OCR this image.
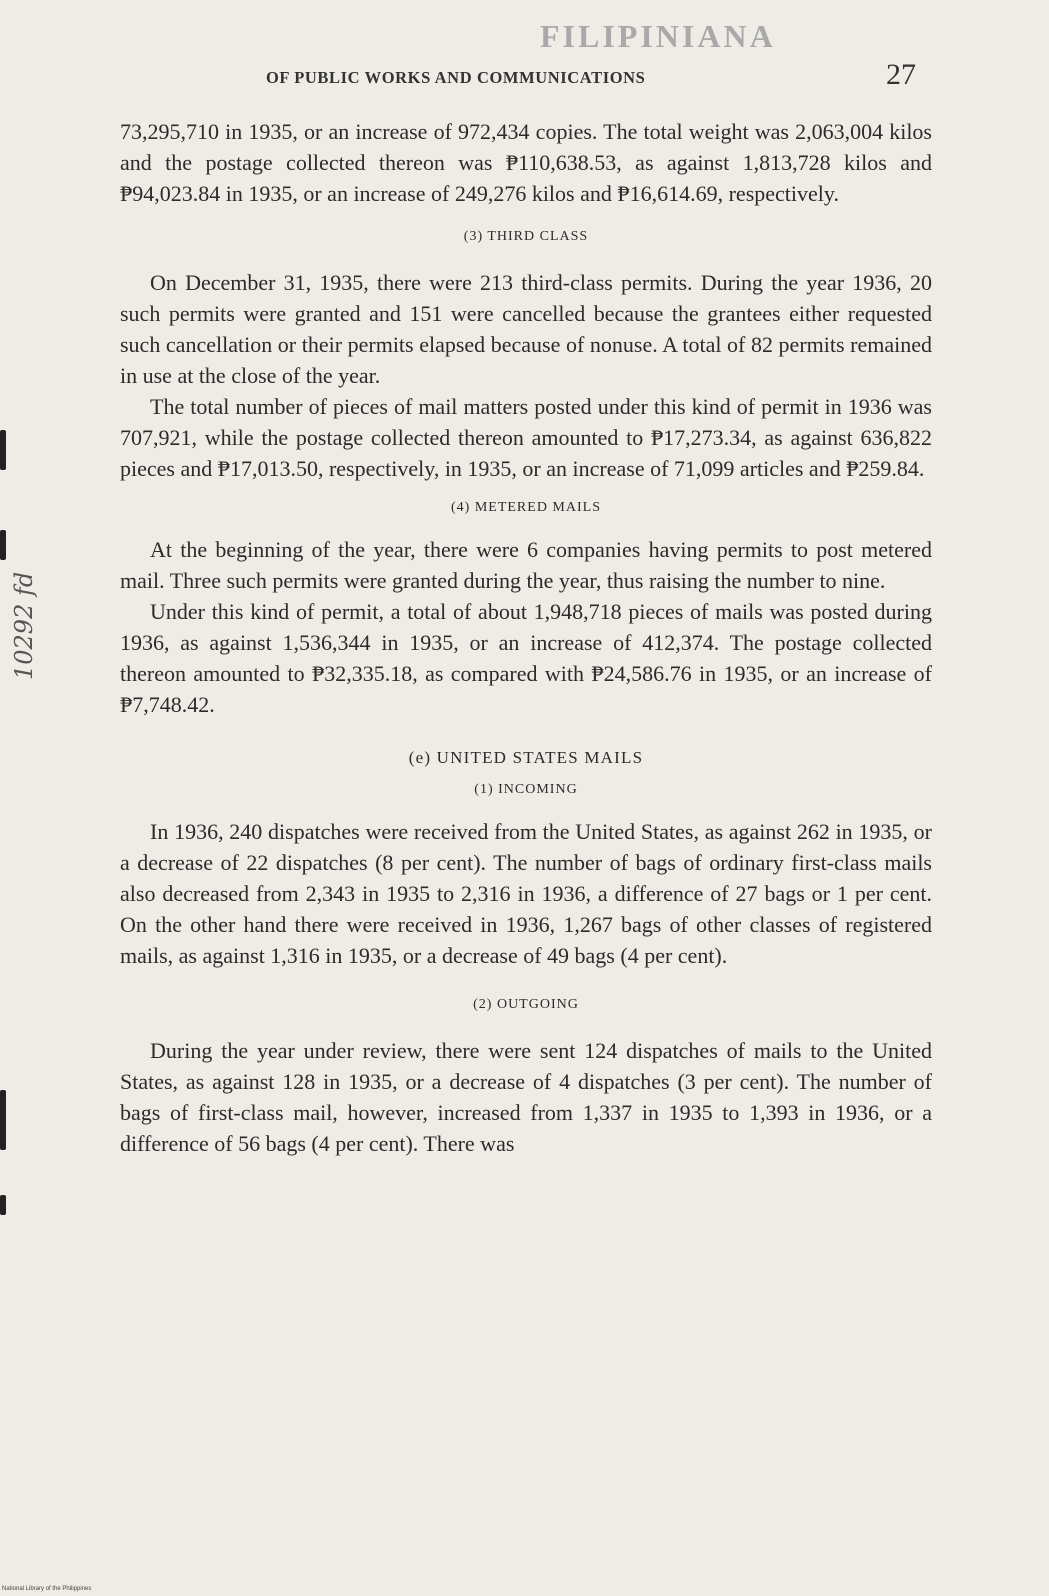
FILIPINIANA
OF PUBLIC WORKS AND COMMUNICATIONS	27

73,295,710 in 1935, or an increase of 972,434 copies. The total weight was 2,063,004 kilos and the postage collected thereon was ₱110,638.53, as against 1,813,728 kilos and ₱94,023.84 in 1935, or an increase of 249,276 kilos and ₱16,614.69, respectively.

(3) THIRD CLASS

On December 31, 1935, there were 213 third-class permits. During the year 1936, 20 such permits were granted and 151 were cancelled because the grantees either requested such cancellation or their permits elapsed because of nonuse. A total of 82 permits remained in use at the close of the year.

The total number of pieces of mail matters posted under this kind of permit in 1936 was 707,921, while the postage collected thereon amounted to ₱17,273.34, as against 636,822 pieces and ₱17,013.50, respectively, in 1935, or an increase of 71,099 articles and ₱259.84.

(4) METERED MAILS

At the beginning of the year, there were 6 companies having permits to post metered mail. Three such permits were granted during the year, thus raising the number to nine.

Under this kind of permit, a total of about 1,948,718 pieces of mails was posted during 1936, as against 1,536,344 in 1935, or an increase of 412,374. The postage collected thereon amounted to ₱32,335.18, as compared with ₱24,586.76 in 1935, or an increase of ₱7,748.42.

(e) UNITED STATES MAILS

(1) INCOMING

In 1936, 240 dispatches were received from the United States, as against 262 in 1935, or a decrease of 22 dispatches (8 per cent). The number of bags of ordinary first-class mails also decreased from 2,343 in 1935 to 2,316 in 1936, a difference of 27 bags or 1 per cent. On the other hand there were received in 1936, 1,267 bags of other classes of registered mails, as against 1,316 in 1935, or a decrease of 49 bags (4 per cent).

(2) OUTGOING

During the year under review, there were sent 124 dispatches of mails to the United States, as against 128 in 1935, or a decrease of 4 dispatches (3 per cent). The number of bags of first-class mail, however, increased from 1,337 in 1935 to 1,393 in 1936, or a difference of 56 bags (4 per cent). There was

10292 fd
National Library of the Philippines
